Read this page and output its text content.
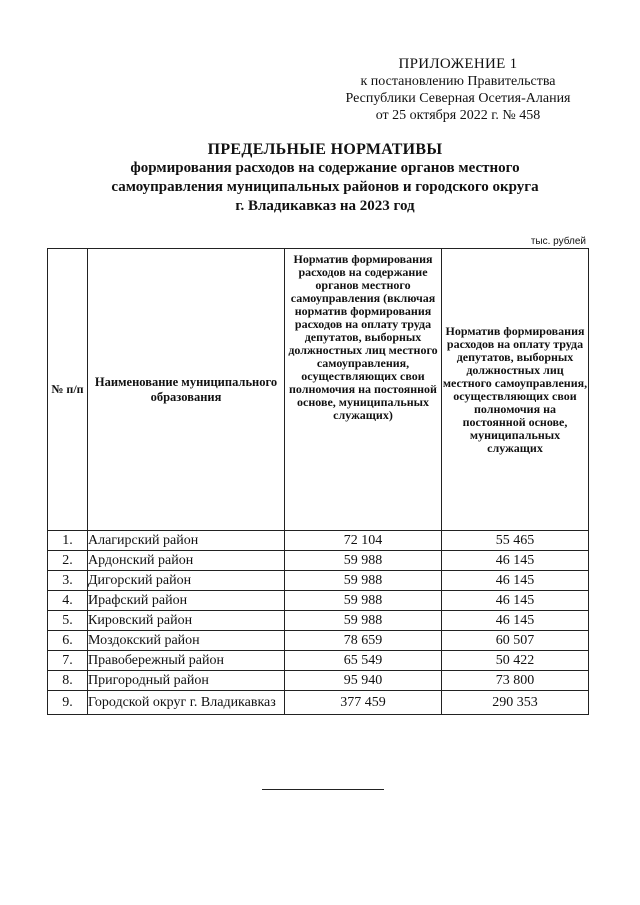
ПРИЛОЖЕНИЕ 1
к постановлению Правительства
Республики Северная Осетия-Алания
от 25 октября 2022 г. № 458
ПРЕДЕЛЬНЫЕ НОРМАТИВЫ
формирования расходов на содержание органов местного
самоуправления муниципальных районов и городского округа
г. Владикавказ на 2023 год
тыс. рублей
№ п/п	Наименование муниципального образования	Норматив формирования расходов на содержание органов местного самоуправления (включая норматив формирования расходов на оплату труда депутатов, выборных должностных лиц местного самоуправления, осуществляющих свои полномочия на постоянной основе, муниципальных служащих)	Норматив формирования расходов на оплату труда депутатов, выборных должностных лиц местного самоуправления, осуществляющих свои полномочия на постоянной основе, муниципальных служащих
1.	Алагирский район	72 104	55 465
2.	Ардонский район	59 988	46 145
3.	Дигорский район	59 988	46 145
4.	Ирафский район	59 988	46 145
5.	Кировский район	59 988	46 145
6.	Моздокский район	78 659	60 507
7.	Правобережный район	65 549	50 422
8.	Пригородный район	95 940	73 800
9.	Городской округ г. Владикавказ	377 459	290 353
